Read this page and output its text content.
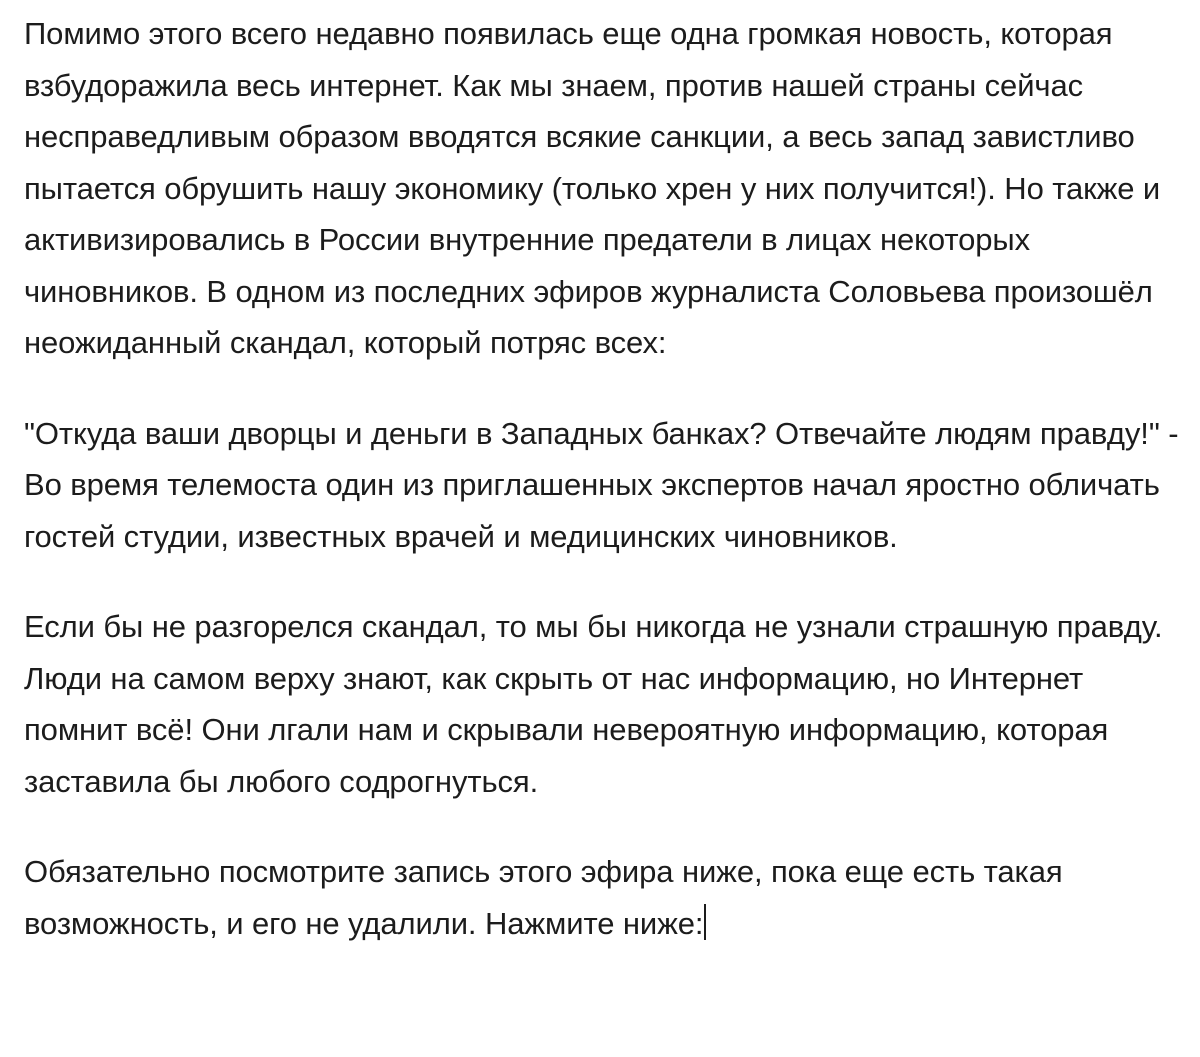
Помимо этого всего недавно появилась еще одна громкая новость, которая взбудоражила весь интернет. Как мы знаем, против нашей страны сейчас несправедливым образом вводятся всякие санкции, а весь запад завистливо пытается обрушить нашу экономику (только хрен у них получится!). Но также и активизировались в России внутренние предатели в лицах некоторых чиновников. В одном из последних эфиров журналиста Соловьева произошёл неожиданный скандал, который потряс всех:

"Откуда ваши дворцы и деньги в Западных банках? Отвечайте людям правду!" - Во время телемоста один из приглашенных экспертов начал яростно обличать гостей студии, известных врачей и медицинских чиновников.

Если бы не разгорелся скандал, то мы бы никогда не узнали страшную правду. Люди на самом верху знают, как скрыть от нас информацию, но Интернет помнит всё! Они лгали нам и скрывали невероятную информацию, которая заставила бы любого содрогнуться.

Обязательно посмотрите запись этого эфира ниже, пока еще есть такая возможность, и его не удалили. Нажмите ниже:
